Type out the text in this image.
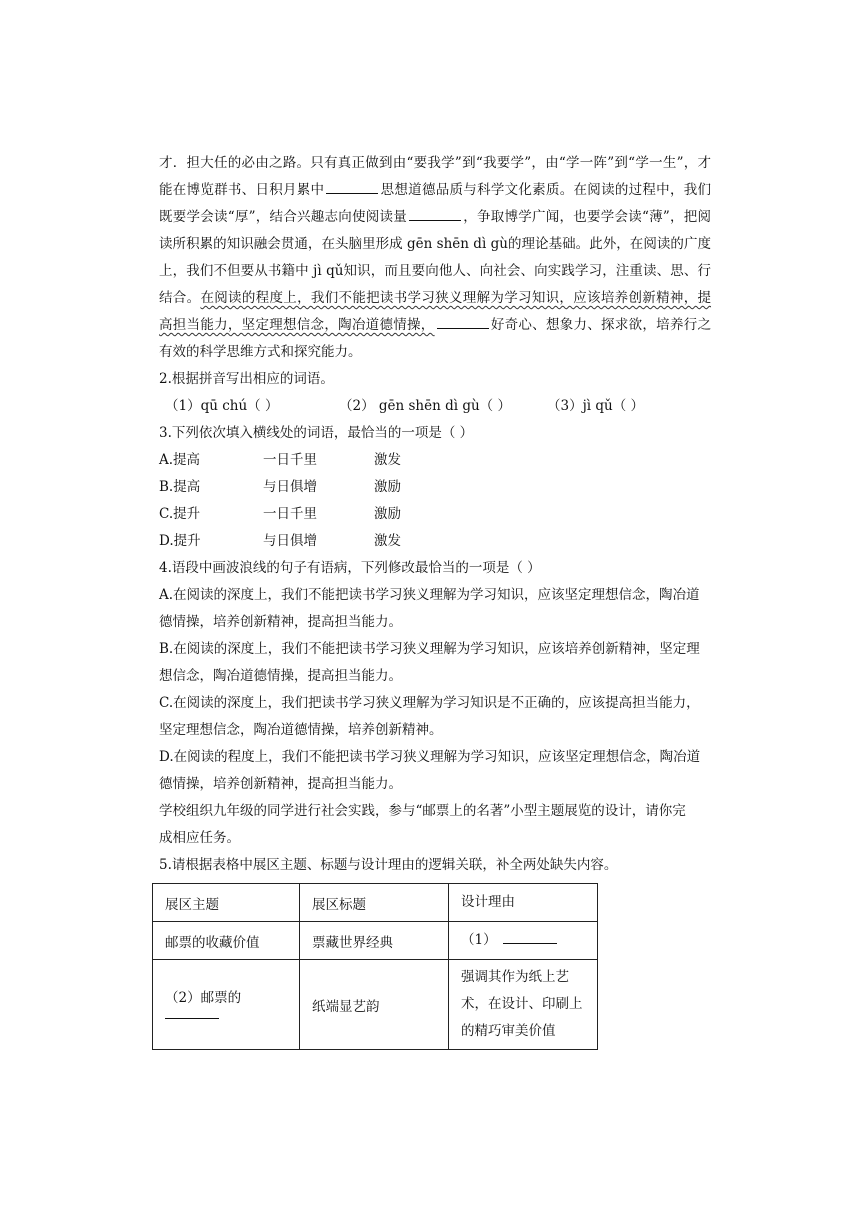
才．担大任的必由之路。只有真正做到由“要我学”到“我要学”，由“学一阵”到“学一生”，才能在博览群书、日积月累中	思想道德品质与科学文化素质。在阅读的过程中，我们既要学会读“厚”，结合兴趣志向使阅读量	，争取博学广闻，也要学会读“薄”，把阅读所积累的知识融会贯通，在头脑里形成 gēn shēn dì gù的理论基础。此外，在阅读的广度上，我们不但要从书籍中 jì qǔ知识，而且要向他人、向社会、向实践学习，注重读、思、行结合。在阅读的程度上，我们不能把读书学习狭义理解为学习知识，应该培养创新精神，提高担当能力，坚定理想信念，陶冶道德情操，	好奇心、想象力、探求欲，培养行之有效的科学思维方式和探究能力。

2.根据拼音写出相应的词语。
（1）qū chú（ ）	（2） gēn shēn dì gù（ ）	（3）jì qǔ（ ）
3.下列依次填入横线处的词语，最恰当的一项是（ ）
A.提高	一日千里	激发
B.提高	与日俱增	激励
C.提升	一日千里	激励
D.提升	与日俱增	激发
4.语段中画波浪线的句子有语病，下列修改最恰当的一项是（ ）
A.在阅读的深度上，我们不能把读书学习狭义理解为学习知识，应该坚定理想信念，陶冶道
德情操，培养创新精神，提高担当能力。
B.在阅读的深度上，我们不能把读书学习狭义理解为学习知识，应该培养创新精神，坚定理
想信念，陶冶道德情操，提高担当能力。
C.在阅读的深度上，我们把读书学习狭义理解为学习知识是不正确的，应该提高担当能力，
坚定理想信念，陶冶道德情操，培养创新精神。
D.在阅读的程度上，我们不能把读书学习狭义理解为学习知识，应该坚定理想信念，陶冶道
德情操，培养创新精神，提高担当能力。
学校组织九年级的同学进行社会实践，参与“邮票上的名著”小型主题展览的设计，请你完
成相应任务。
5.请根据表格中展区主题、标题与设计理由的逻辑关联，补全两处缺失内容。
展区主题	展区标题	设计理由
邮票的收藏价值	票藏世界经典	（1）
（2）邮票的	纸端显艺韵	强调其作为纸上艺术，在设计、印刷上的精巧审美价值
